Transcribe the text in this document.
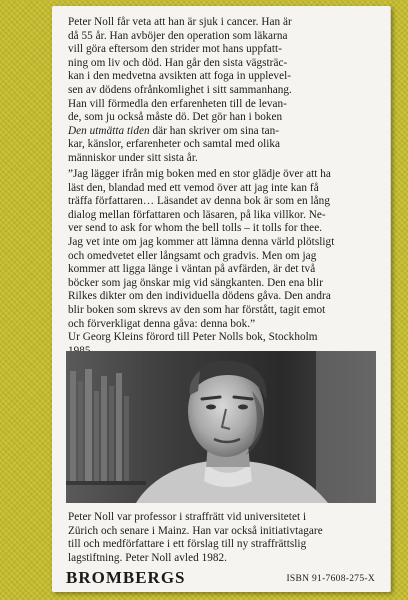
Peter Noll får veta att han är sjuk i cancer. Han är
då 55 år. Han avböjer den operation som läkarna
vill göra eftersom den strider mot hans uppfatt-
ning om liv och död. Han går den sista vägsträc-
kan i den medvetna avsikten att foga in upplevel-
sen av dödens ofrånkomlighet i sitt sammanhang.
Han vill förmedla den erfarenheten till de levan-
de, som ju också måste dö. Det gör han i boken
Den utmätta tiden där han skriver om sina tan-
kar, känslor, erfarenheter och samtal med olika
människor under sitt sista år.
”Jag lägger ifrån mig boken med en stor glädje över att ha
läst den, blandad med ett vemod över att jag inte kan få
träffa författaren… Läsandet av denna bok är som en lång
dialog mellan författaren och läsaren, på lika villkor. Ne-
ver send to ask for whom the bell tolls – it tolls for thee.
Jag vet inte om jag kommer att lämna denna värld plötsligt
och omedvetet eller långsamt och gradvis. Men om jag
kommer att ligga länge i väntan på avfärden, är det två
böcker som jag önskar mig vid sängkanten. Den ena blir
Rilkes dikter om den individuella dödens gåva. Den andra
blir boken som skrevs av den som har förstått, tagit emot
och förverkligat denna gåva: denna bok.”
Ur Georg Kleins förord till Peter Nolls bok, Stockholm
Peter Noll var professor i straffrätt vid universitetet i
Zürich och senare i Mainz. Han var också initiativtagare
till och medförfattare i ett förslag till ny straffrättslig
lagstiftning. Peter Noll avled 1982.
BROMBERGS	ISBN 91-7608-275-X
